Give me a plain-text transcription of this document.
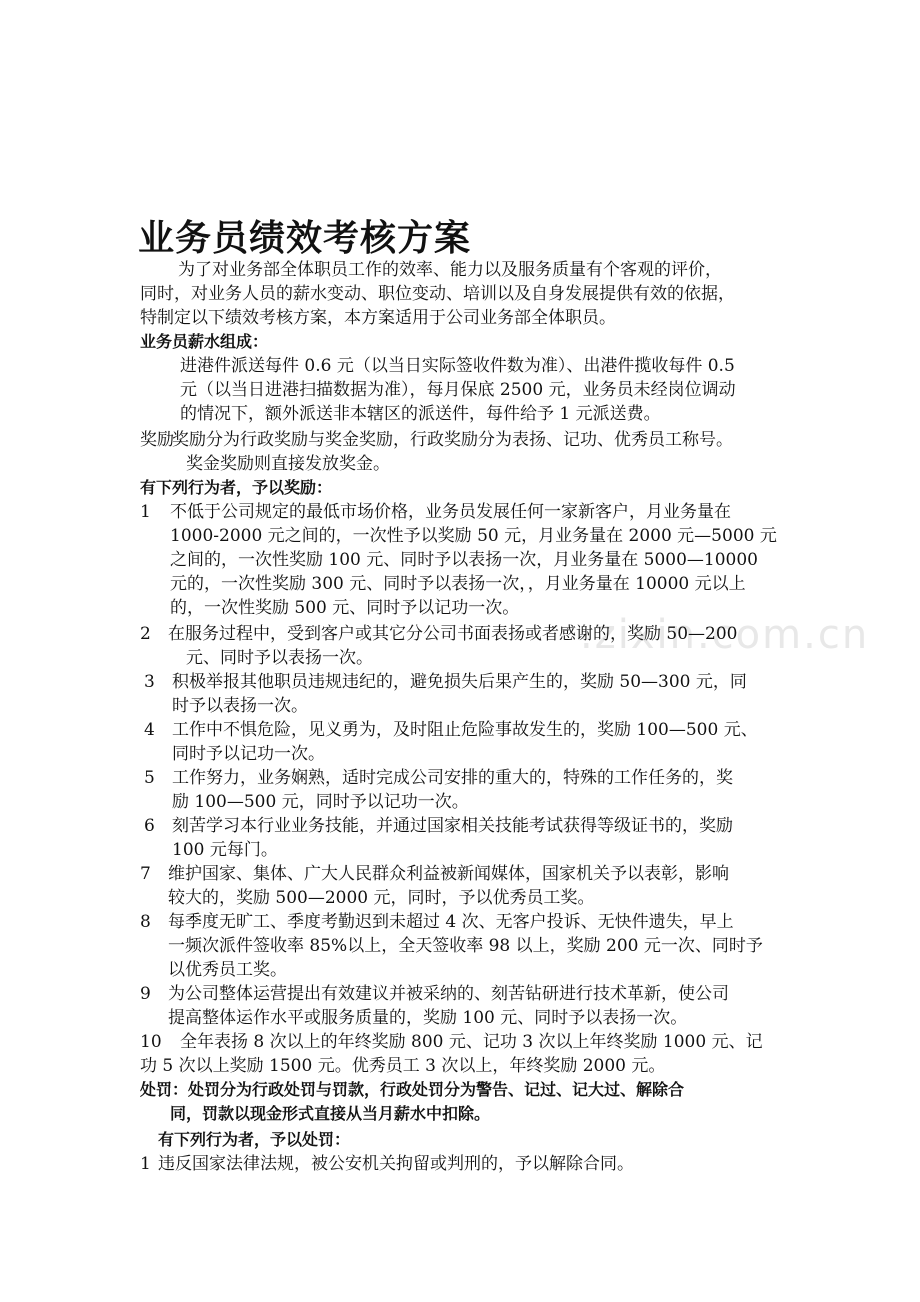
业务员绩效考核方案
.zixin.com.cn
为了对业务部全体职员工作的效率、能力以及服务质量有个客观的评价，
同时，对业务人员的薪水变动、职位变动、培训以及自身发展提供有效的依据，
特制定以下绩效考核方案，本方案适用于公司业务部全体职员。
业务员薪水组成：
进港件派送每件 0.6 元（以当日实际签收件数为准）、出港件揽收每件 0.5
元（以当日进港扫描数据为准），每月保底 2500 元，业务员未经岗位调动
的情况下，额外派送非本辖区的派送件，每件给予 1 元派送费。
奖励
奖励分为行政奖励与奖金奖励，行政奖励分为表扬、记功、优秀员工称号。
奖金奖励则直接发放奖金。
有下列行为者，予以奖励：
1 不低于公司规定的最低市场价格，业务员发展任何一家新客户，月业务量在
1000-2000 元之间的，一次性予以奖励 50 元，月业务量在 2000 元—5000 元
之间的，一次性奖励 100 元、同时予以表扬一次，月业务量在 5000—10000
元的，一次性奖励 300 元、同时予以表扬一次，，月业务量在 10000 元以上
的，一次性奖励 500 元、同时予以记功一次。
2 在服务过程中，受到客户或其它分公司书面表扬或者感谢的，奖励 50—200
元、同时予以表扬一次。
3 积极举报其他职员违规违纪的，避免损失后果产生的，奖励 50—300 元，同
时予以表扬一次。
4 工作中不惧危险，见义勇为，及时阻止危险事故发生的，奖励 100—500 元、
同时予以记功一次。
5 工作努力，业务娴熟，适时完成公司安排的重大的，特殊的工作任务的，奖
励 100—500 元，同时予以记功一次。
6 刻苦学习本行业业务技能，并通过国家相关技能考试获得等级证书的，奖励
100 元每门。
7 维护国家、集体、广大人民群众利益被新闻媒体，国家机关予以表彰，影响
较大的，奖励 500—2000 元，同时，予以优秀员工奖。
8 每季度无旷工、季度考勤迟到未超过 4 次、无客户投诉、无快件遗失，早上
一频次派件签收率 85%以上，全天签收率 98 以上，奖励 200 元一次、同时予
以优秀员工奖。
9 为公司整体运营提出有效建议并被采纳的、刻苦钻研进行技术革新，使公司
提高整体运作水平或服务质量的，奖励 100 元、同时予以表扬一次。
10 全年表扬 8 次以上的年终奖励 800 元、记功 3 次以上年终奖励 1000 元、记
功 5 次以上奖励 1500 元。优秀员工 3 次以上，年终奖励 2000 元。
处罚：处罚分为行政处罚与罚款，行政处罚分为警告、记过、记大过、解除合
同，罚款以现金形式直接从当月薪水中扣除。
有下列行为者，予以处罚：
1 违反国家法律法规，被公安机关拘留或判刑的，予以解除合同。
